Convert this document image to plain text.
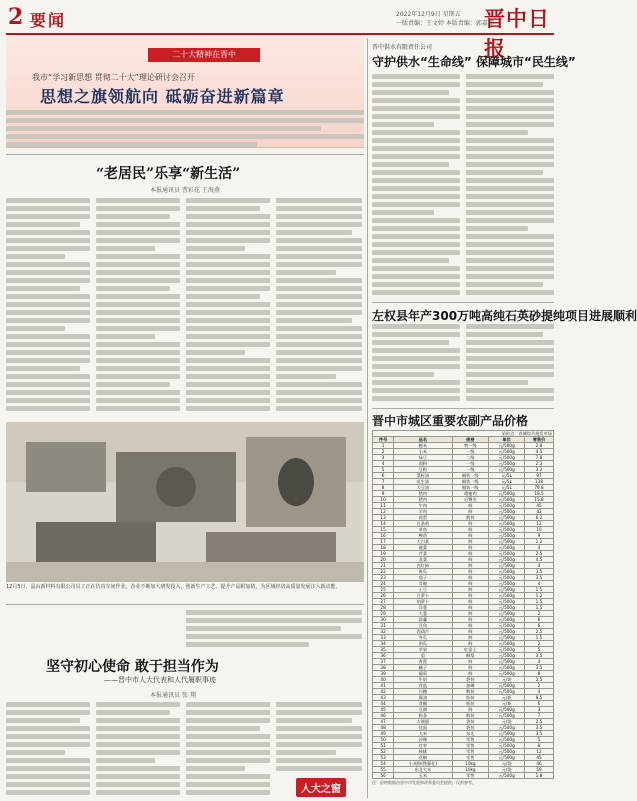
2 要闻	2022年12月9日 星期五
一版责编：王文婷 本版责编：郭嘉伟
晋中日报
二十大精神在晋中
我市“学习新思想 贯彻二十大”理论研讨会召开
思想之旗领航向 砥砺奋进新篇章
“老居民”乐享“新生活”
本报通讯员 曹彩花 王海燕
12月5日，晶山新材料有限公司员工正在仿真车间作业。企业不断加大研发投入，创新生产工艺，提升产品附加值，为区域经济高质量发展注入新动能。
坚守初心使命 敢于担当作为
——晋中市人大代表和人代履职事迹
本报通讯员 张 翔
人大之窗
晋中供水有限责任公司
守护供水“生命线” 保障城市“民生线”
左权县年产300万吨高纯石英砂提纯项目进展顺利
晋中市城区重要农副产品价格
采价点：晋城综合批发市场				
序号	品名	规格	单位	零售价
1	粳米	特一级	元/500g	2.8
2	小米	一级	元/500g	4.5
3	绿豆	二级	元/500g	7.8
4	面粉	一级	元/500g	2.3
5	豆粕	一级	元/500g	3.2
6	菜籽油	桶装一级	元/5L	97
7	花生油	桶装一级	元/5L	138
8	大豆油	桶装一级	元/5L	79.8
9	猪肉	精瘦肉	元/500g	18.5
10	猪肉	后臀尖	元/500g	15.8
11	牛肉	鲜	元/500g	45
12	羊肉	鲜	元/500g	42
13	鸡蛋	散装	元/500g	6.2
14	白条鸡	鲜	元/500g	12
15	草鱼	鲜	元/500g	10
16	鲤鱼	鲜	元/500g	9
17	大白菜	鲜	元/500g	1.2
18	菠菜	鲜	元/500g	4
19	芹菜	鲜	元/500g	2.5
20	韭菜	鲜	元/500g	4.5
21	西红柿	鲜	元/500g	4
22	黄瓜	鲜	元/500g	3.5
23	茄子	鲜	元/500g	3.5
24	青椒	鲜	元/500g	4
25	土豆	鲜	元/500g	1.5
26	白萝卜	鲜	元/500g	1.2
27	胡萝卜	鲜	元/500g	1.5
28	洋葱	鲜	元/500g	1.5
29	大葱	鲜	元/500g	2
30	蒜薹	鲜	元/500g	6
31	豆角	鲜	元/500g	6
32	西葫芦	鲜	元/500g	2.5
33	冬瓜	鲜	元/500g	1.5
34	南瓜	鲜	元/500g	2
35	苹果	红富士	元/500g	5
36	梨	酥梨	元/500g	3.5
37	香蕉	鲜	元/500g	4
38	橘子	鲜	元/500g	3.5
39	葡萄	鲜	元/500g	8
40	牛奶	袋装	元/袋	2.5
41	食盐	加碘	元/500g	2
42	白糖	散装	元/500g	4
43	酱油	瓶装	元/瓶	8.5
44	食醋	瓶装	元/瓶	6
45	豆腐	鲜	元/500g	3
46	粉条	散装	元/500g	7
47	方便面	袋装	元/袋	2.5
48	挂面	袋装	元/500g	3.5
49	大米	东北	元/500g	3.5
50	沙棘	零售	元/500g	5
51	红枣	零售	元/500g	8
52	核桃	零售	元/500g	12
53	花椒	零售	元/500g	45
54	小麦粉(铁强化)	10kg	元/袋	46
55	东北大米	10kg	元/袋	59
56	玉米	零售	元/500g	1.8
注：价格数据由晋中市发展和改革委员会提供，仅供参考。
